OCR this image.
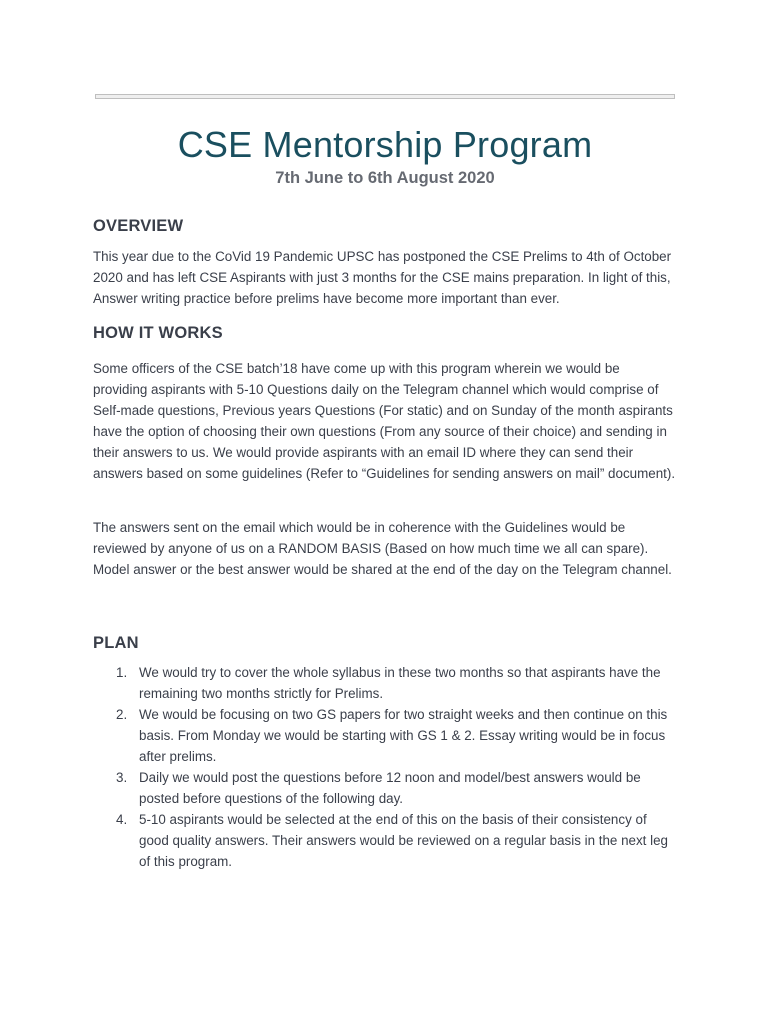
CSE Mentorship Program
7th June to 6th August 2020
OVERVIEW

This year due to the CoVid 19 Pandemic UPSC has postponed the CSE Prelims to 4th of October 2020 and has left CSE Aspirants with just 3 months for the CSE mains preparation. In light of this, Answer writing practice before prelims have become more important than ever.

HOW IT WORKS

Some officers of the CSE batch’18 have come up with this program wherein we would be providing aspirants with 5-10 Questions daily on the Telegram channel which would comprise of Self-made questions, Previous years Questions (For static) and on Sunday of the month aspirants have the option of choosing their own questions (From any source of their choice) and sending in their answers to us. We would provide aspirants with an email ID where they can send their answers based on some guidelines (Refer to “Guidelines for sending answers on mail” document).

The answers sent on the email which would be in coherence with the Guidelines would be reviewed by anyone of us on a RANDOM BASIS (Based on how much time we all can spare). Model answer or the best answer would be shared at the end of the day on the Telegram channel.

PLAN
1. We would try to cover the whole syllabus in these two months so that aspirants have the remaining two months strictly for Prelims.
2. We would be focusing on two GS papers for two straight weeks and then continue on this basis. From Monday we would be starting with GS 1 & 2. Essay writing would be in focus after prelims.
3. Daily we would post the questions before 12 noon and model/best answers would be posted before questions of the following day.
4. 5-10 aspirants would be selected at the end of this on the basis of their consistency of good quality answers. Their answers would be reviewed on a regular basis in the next leg of this program.
